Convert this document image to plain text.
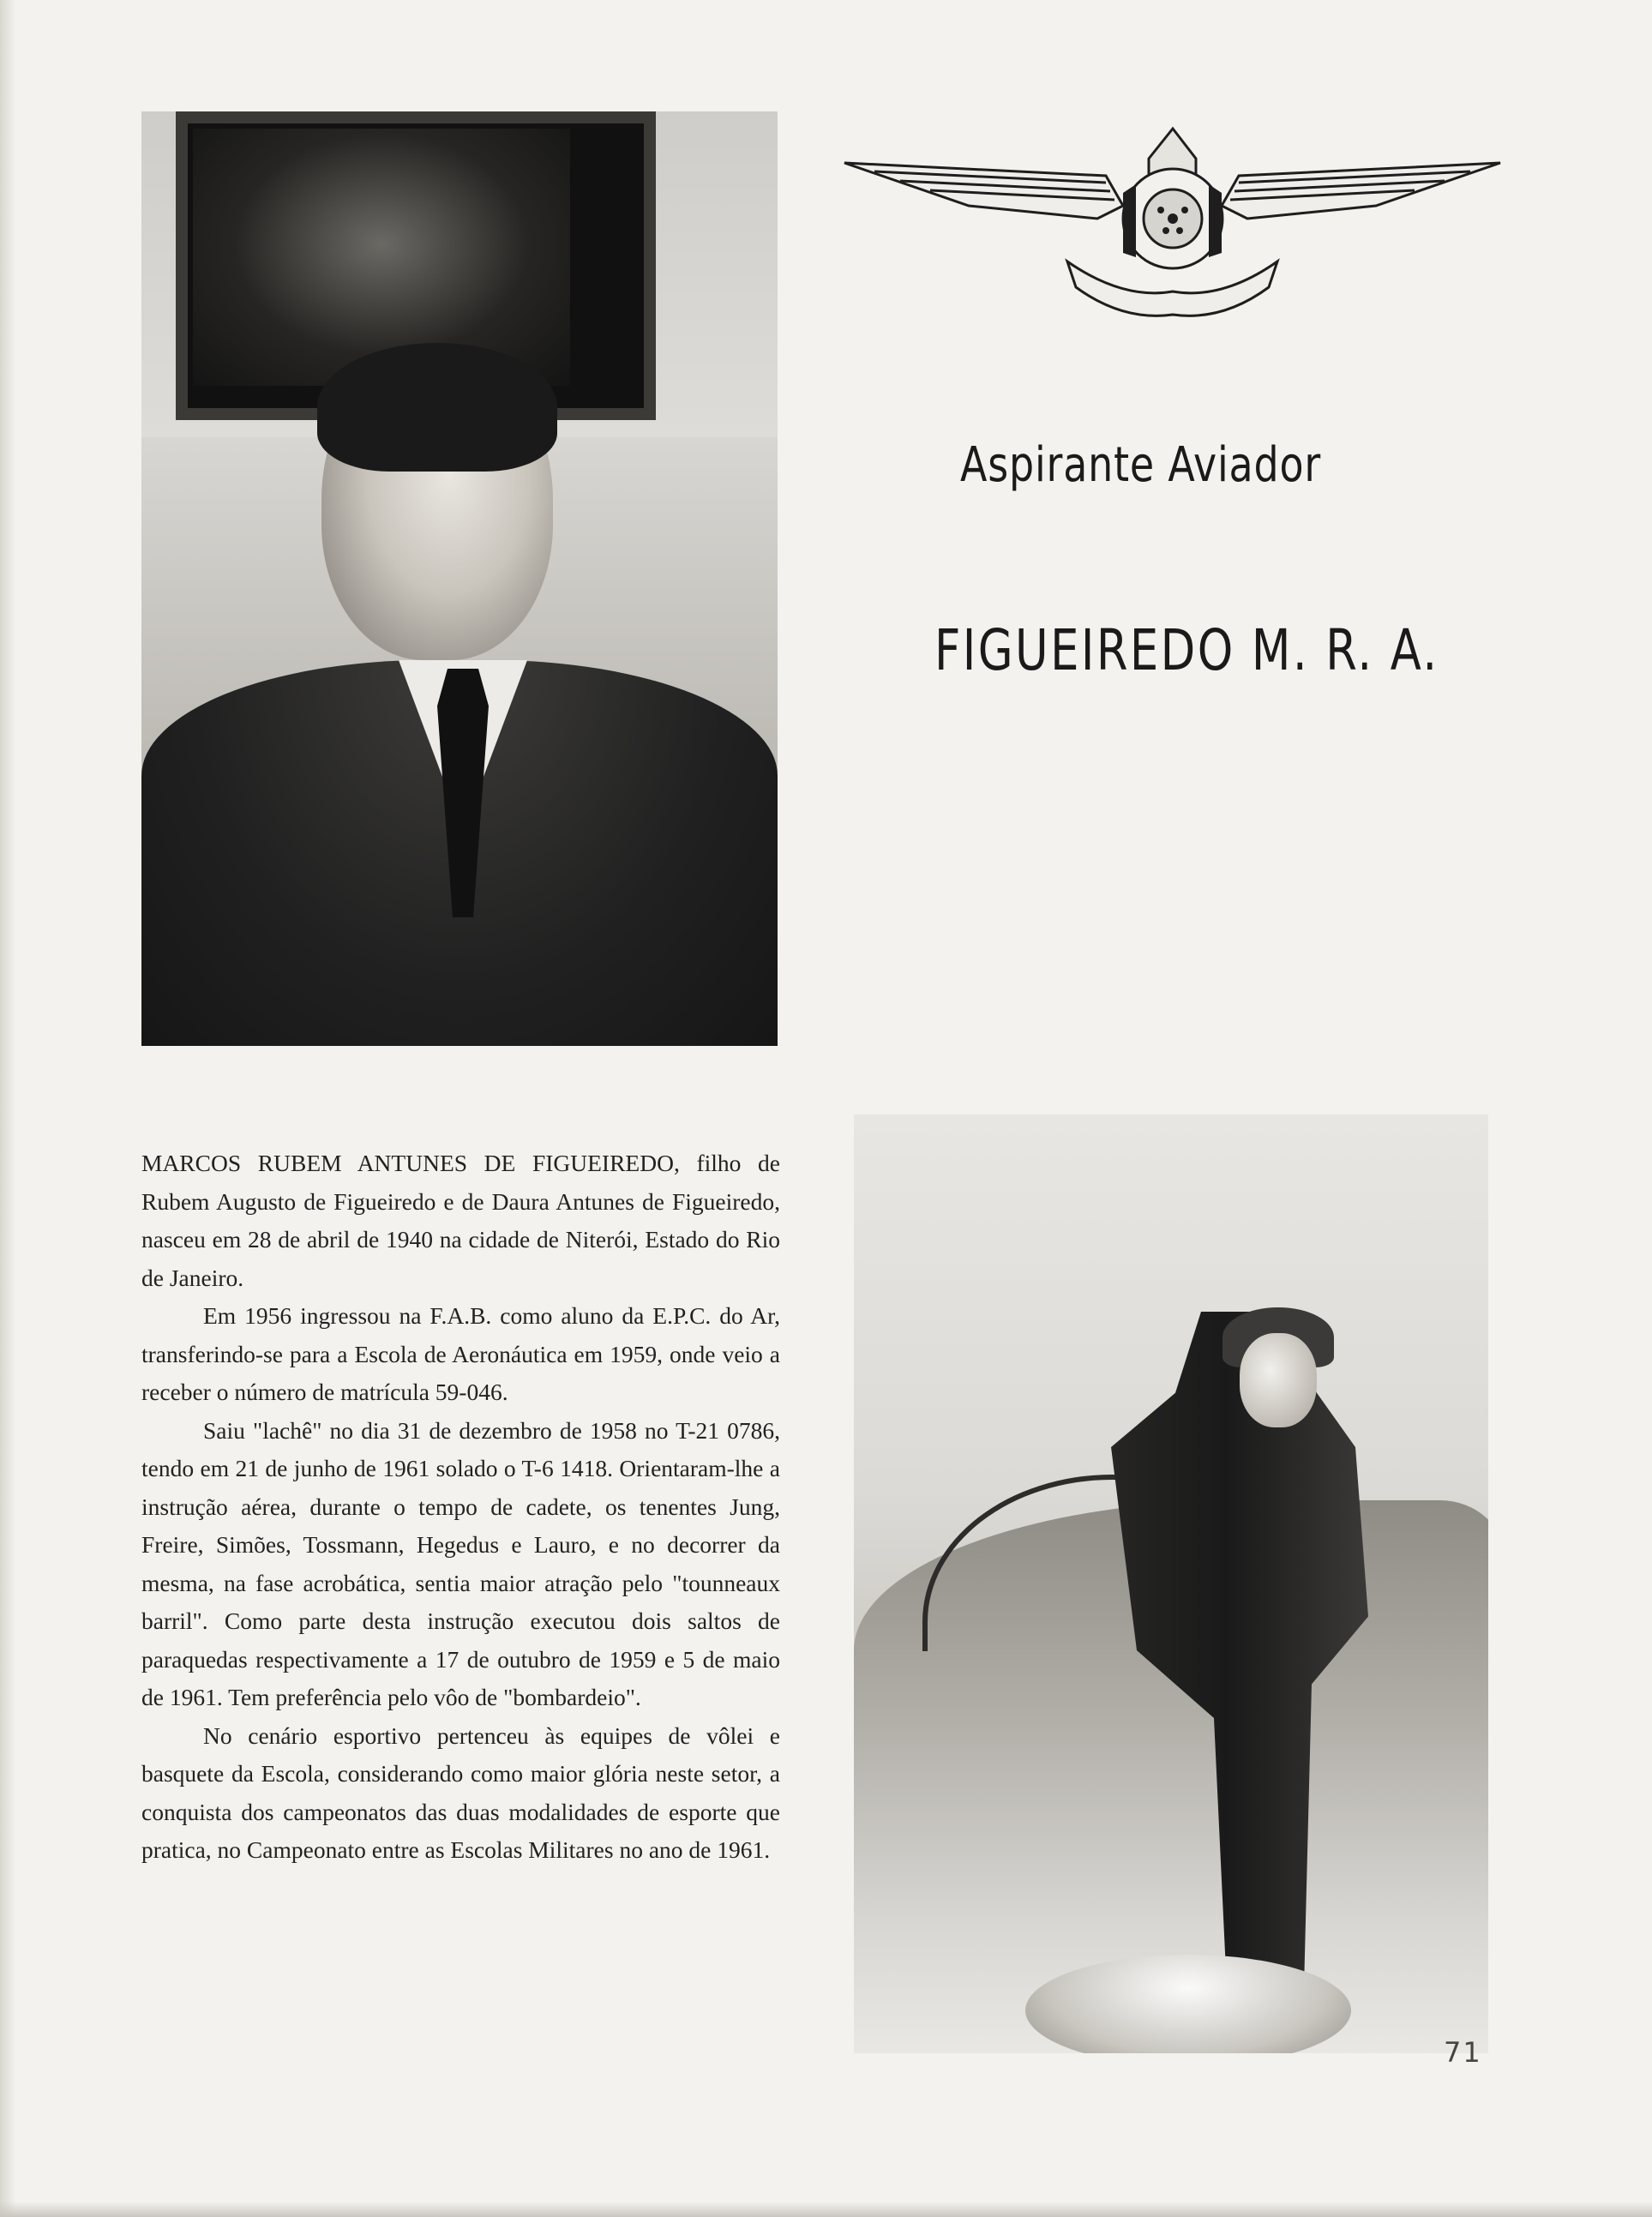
Aspirante Aviador
FIGUEIREDO M. R. A.

MARCOS RUBEM ANTUNES DE FIGUEIREDO, filho de Rubem Augusto de Figueiredo e de Daura Antunes de Figueiredo, nasceu em 28 de abril de 1940 na cidade de Niterói, Estado do Rio de Janeiro.

Em 1956 ingressou na F.A.B. como aluno da E.P.C. do Ar, transferindo-se para a Escola de Aeronáutica em 1959, onde veio a receber o número de matrícula 59-046.

Saiu "lachê" no dia 31 de dezembro de 1958 no T-21 0786, tendo em 21 de junho de 1961 solado o T-6 1418. Orientaram-lhe a instrução aérea, durante o tempo de cadete, os tenentes Jung, Freire, Simões, Tossmann, Hegedus e Lauro, e no decorrer da mesma, na fase acrobática, sentia maior atração pelo "tounneaux barril". Como parte desta instrução executou dois saltos de paraquedas respectivamente a 17 de outubro de 1959 e 5 de maio de 1961. Tem preferência pelo vôo de "bombardeio".

No cenário esportivo pertenceu às equipes de vôlei e basquete da Escola, considerando como maior glória neste setor, a conquista dos campeonatos das duas modalidades de esporte que pratica, no Campeonato entre as Escolas Militares no ano de 1961.

71
